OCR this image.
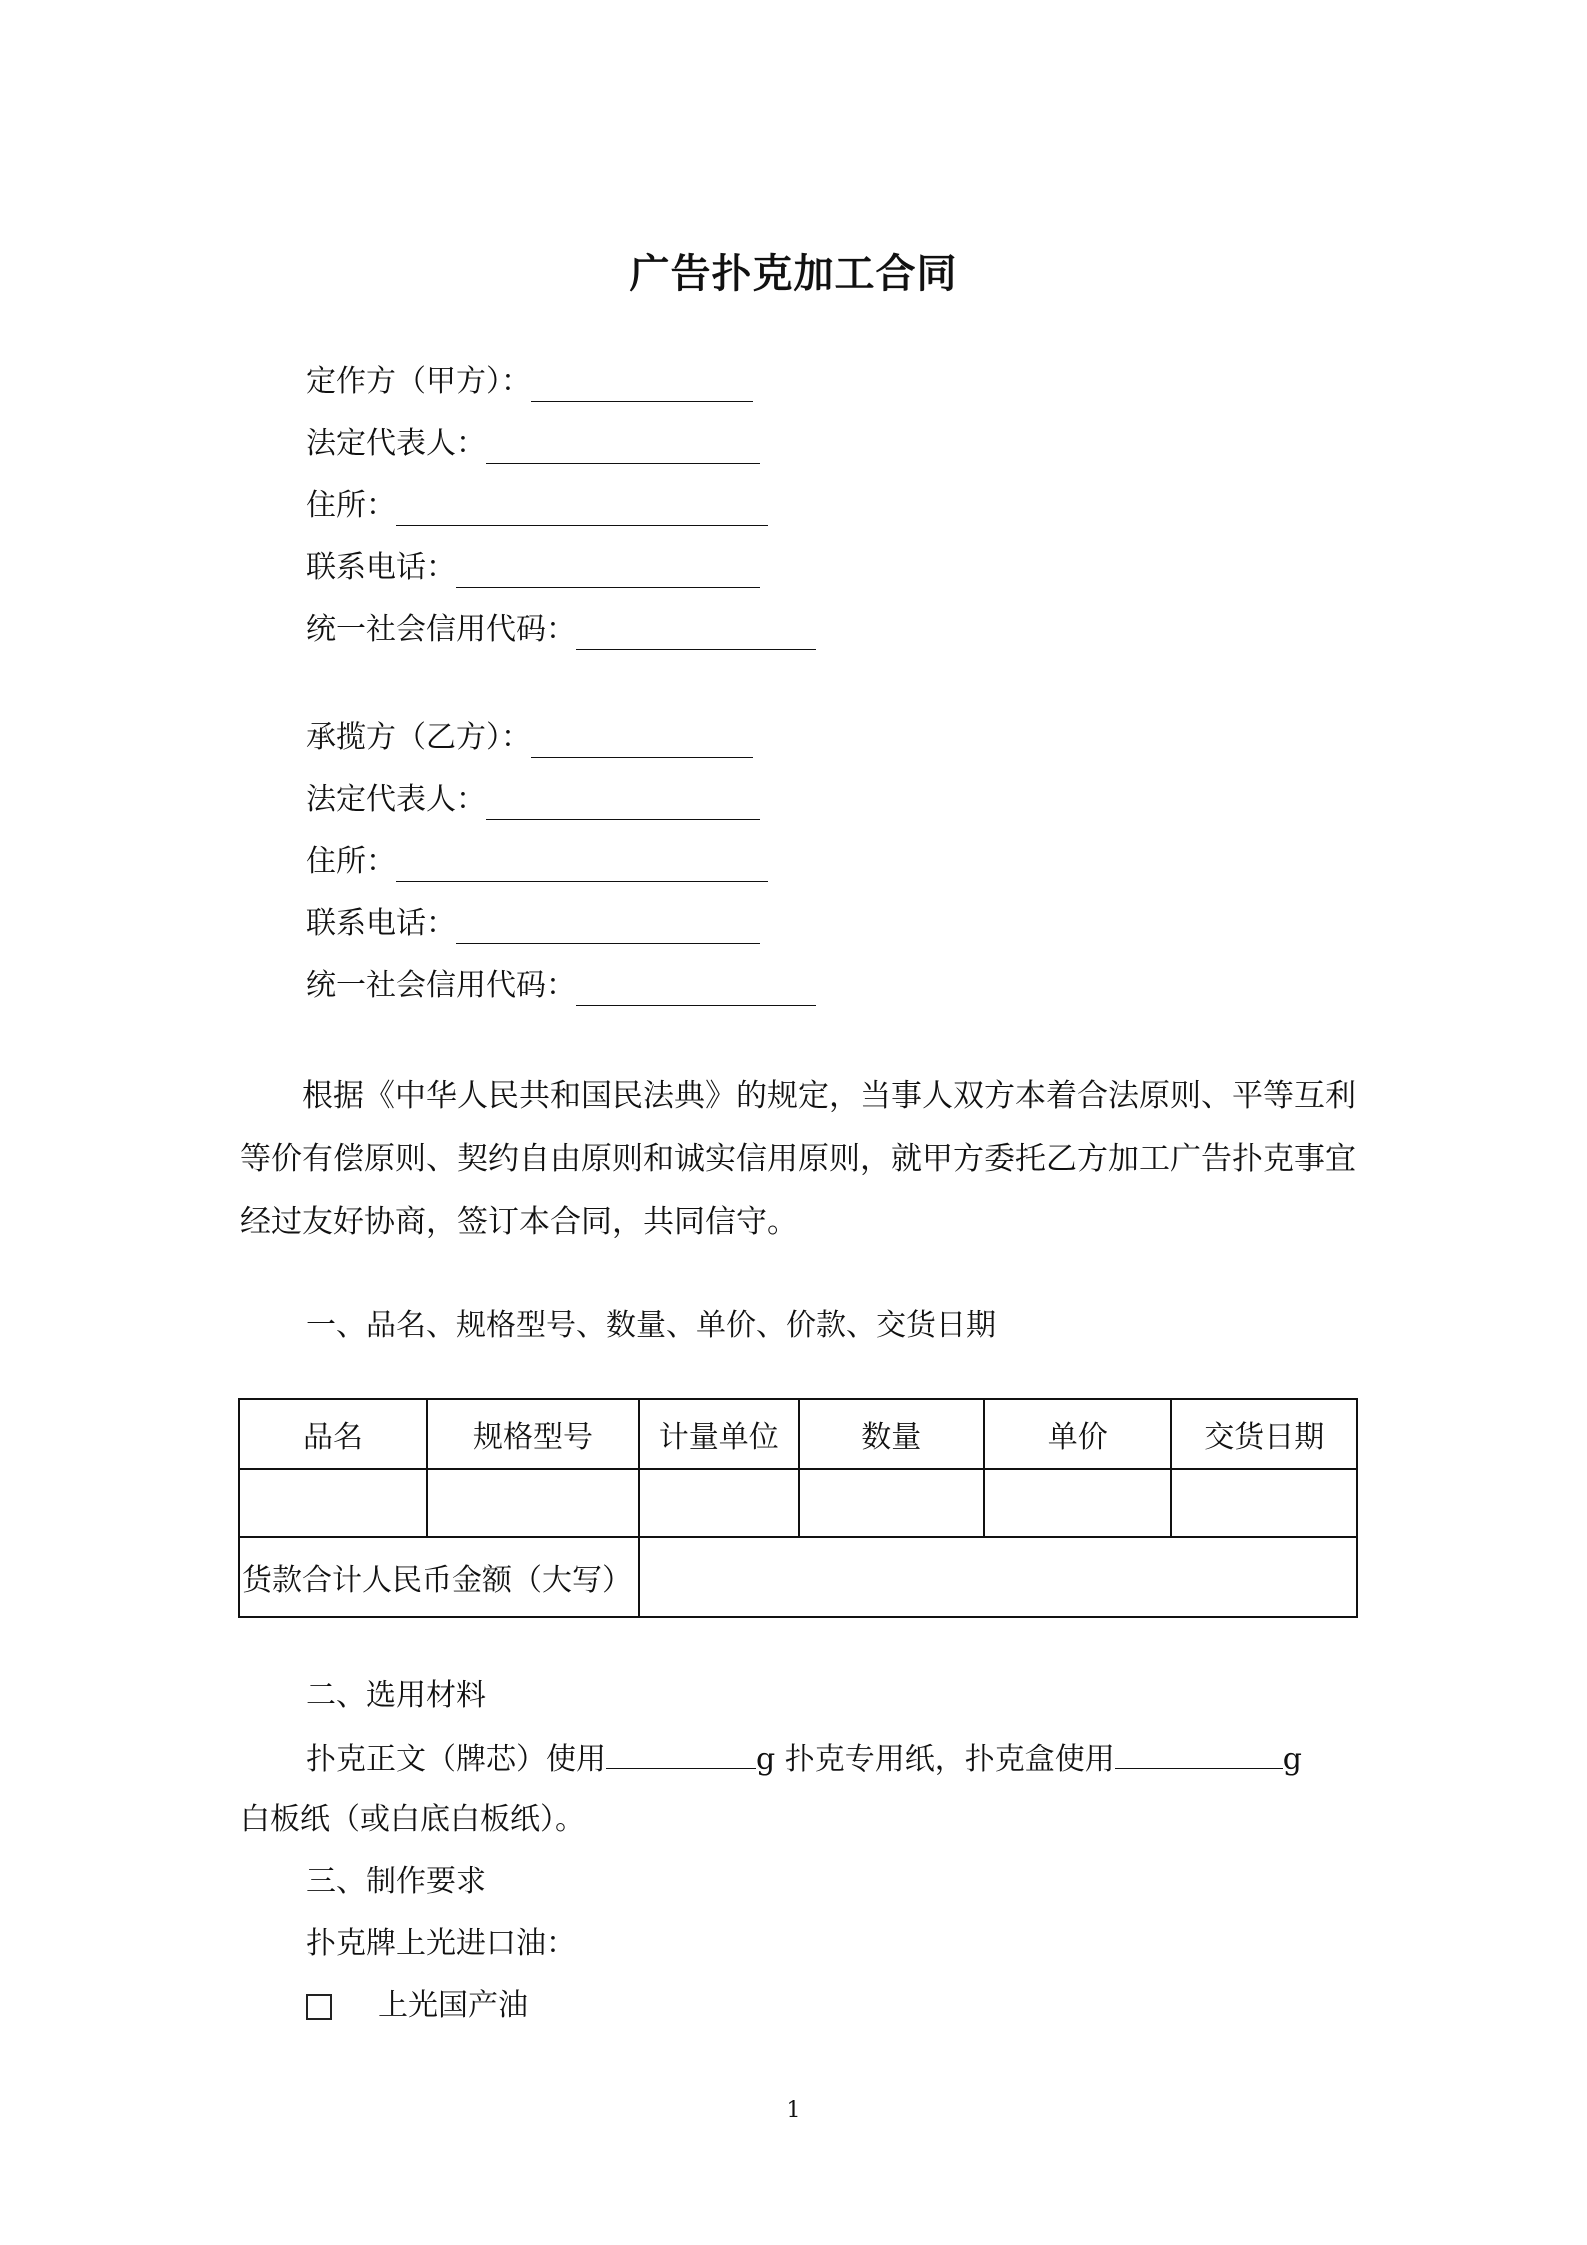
广告扑克加工合同
定作方（甲方）：
法定代表人：
住所：
联系电话：
统一社会信用代码：
承揽方（乙方）：
法定代表人：
住所：
联系电话：
统一社会信用代码：
根据《中华人民共和国民法典》的规定，当事人双方本着合法原则、平等互利等价有偿原则、契约自由原则和诚实信用原则，就甲方委托乙方加工广告扑克事宜经过友好协商，签订本合同，共同信守。
一、品名、规格型号、数量、单价、价款、交货日期
品名	规格型号	计量单位	数量	单价	交货日期

货款合计人民币金额（大写）					
二、选用材料
扑克正文（牌芯）使用	g 扑克专用纸，扑克盒使用	g
白板纸（或白底白板纸）。
三、制作要求
扑克牌上光进口油：
上光国产油
1
